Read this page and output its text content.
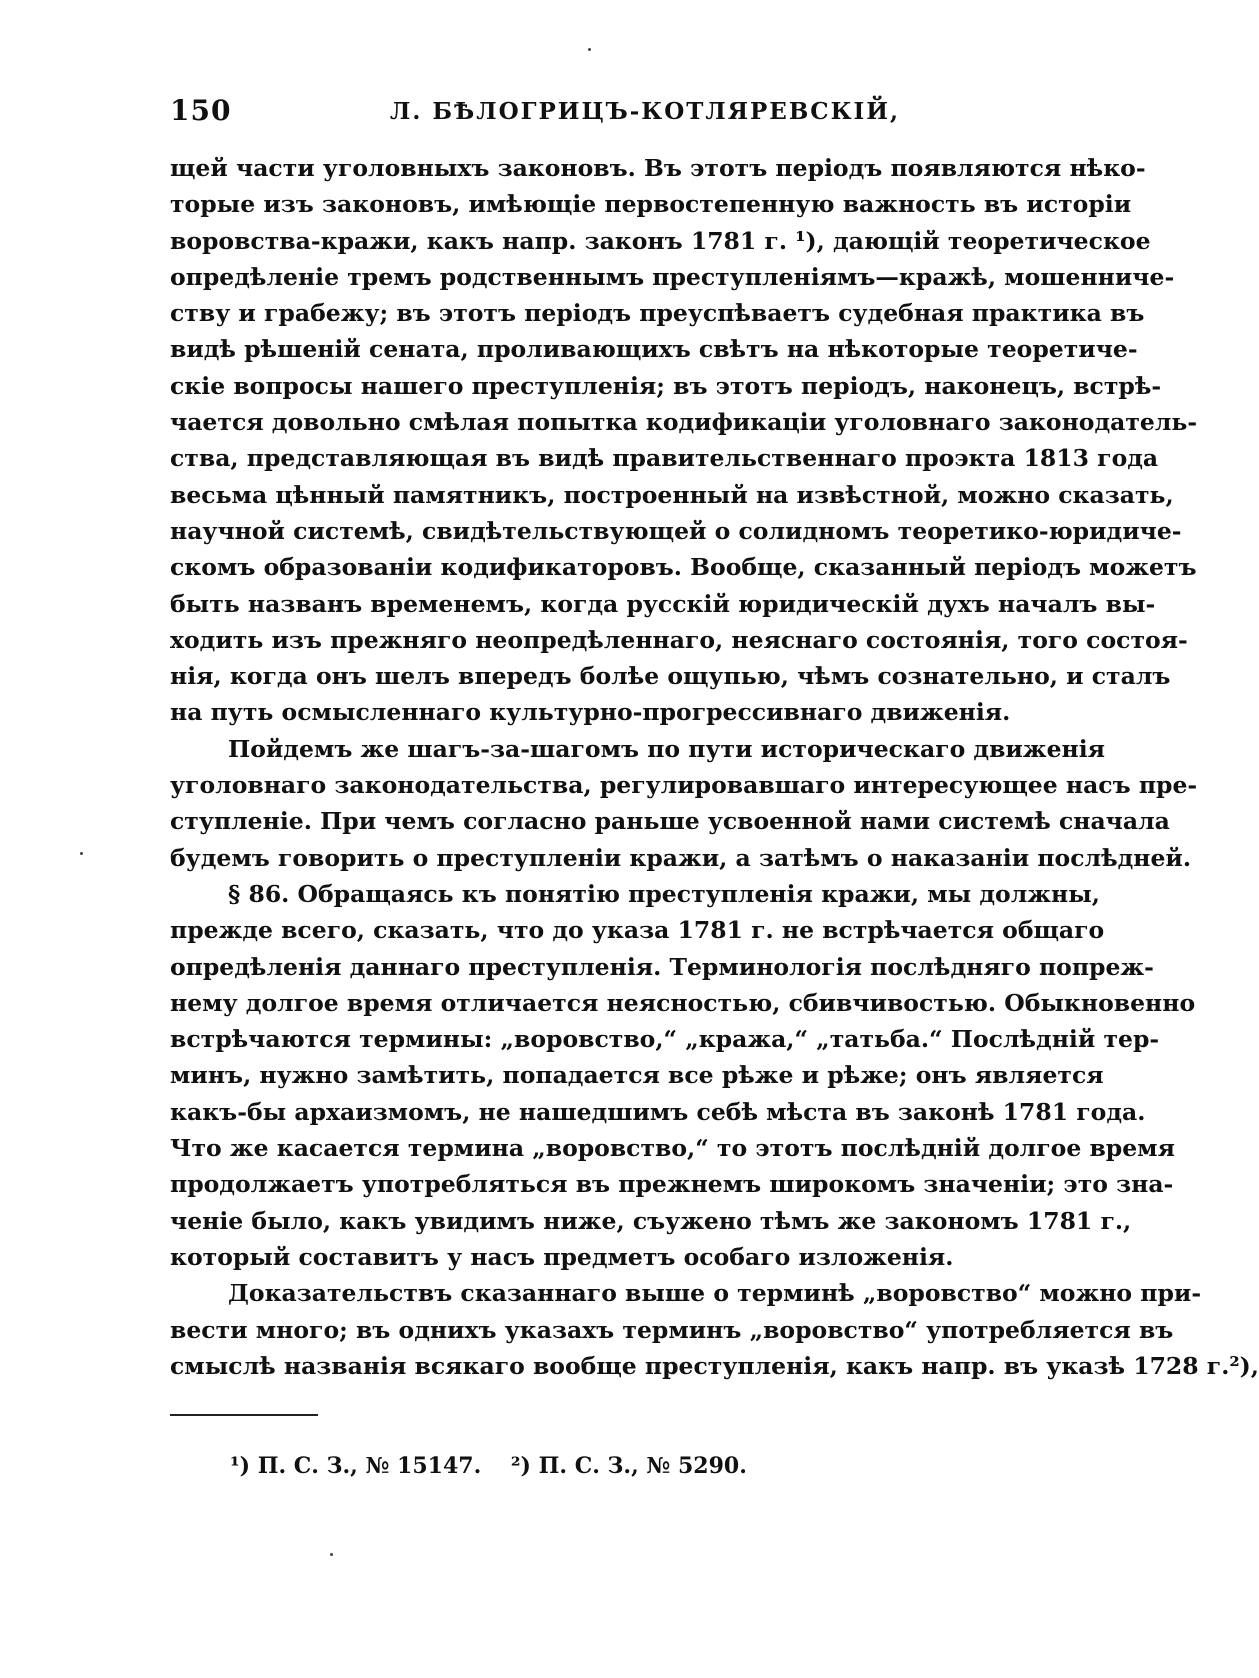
150	Л. БѢЛОГРИЦЪ-КОТЛЯРЕВСКIЙ,
щей части уголовныхъ законовъ. Въ этотъ періодъ появляются нѣко-
торые изъ законовъ, имѣющіе первостепенную важность въ исторіи
воровства-кражи, какъ напр. законъ 1781 г. ¹), дающій теоретическое
опредѣленіе тремъ родственнымъ преступленіямъ—кражѣ, мошенниче-
ству и грабежу; въ этотъ періодъ преуспѣваетъ судебная практика въ
видѣ рѣшеній сената, проливающихъ свѣтъ на нѣкоторые теоретиче-
скіе вопросы нашего преступленія; въ этотъ періодъ, наконецъ, встрѣ-
чается довольно смѣлая попытка кодификаціи уголовнаго законодатель-
ства, представляющая въ видѣ правительственнаго проэкта 1813 года
весьма цѣнный памятникъ, построенный на извѣстной, можно сказать,
научной системѣ, свидѣтельствующей о солидномъ теоретико-юридиче-
скомъ образованіи кодификаторовъ. Вообще, сказанный періодъ можетъ
быть названъ временемъ, когда русскій юридическій духъ началъ вы-
ходить изъ прежняго неопредѣленнаго, неяснаго состоянія, того состоя-
нія, когда онъ шелъ впередъ болѣе ощупью, чѣмъ сознательно, и сталъ
на путь осмысленнаго культурно-прогрессивнаго движенія.
Пойдемъ же шагъ-за-шагомъ по пути историческаго движенія
уголовнаго законодательства, регулировавшаго интересующее насъ пре-
ступленіе. При чемъ согласно раньше усвоенной нами системѣ сначала
будемъ говорить о преступленіи кражи, а затѣмъ о наказаніи послѣдней.
§ 86. Обращаясь къ понятію преступленія кражи, мы должны,
прежде всего, сказать, что до указа 1781 г. не встрѣчается общаго
опредѣленія даннаго преступленія. Терминологія послѣдняго попреж-
нему долгое время отличается неясностью, сбивчивостью. Обыкновенно
встрѣчаются термины: „воровство,“ „кража,“ „татьба.“ Послѣдній тер-
минъ, нужно замѣтить, попадается все рѣже и рѣже; онъ является
какъ-бы архаизмомъ, не нашедшимъ себѣ мѣста въ законѣ 1781 года.
Что же касается термина „воровство,“ то этотъ послѣдній долгое время
продолжаетъ употребляться въ прежнемъ широкомъ значеніи; это зна-
ченіе было, какъ увидимъ ниже, съужено тѣмъ же закономъ 1781 г.,
который составитъ у насъ предметъ особаго изложенія.
Доказательствъ сказаннаго выше о терминѣ „воровство“ можно при-
вести много; въ однихъ указахъ терминъ „воровство“ употребляется въ
смыслѣ названія всякаго вообще преступленія, какъ напр. въ указѣ 1728 г.²),
¹) П. С. З., № 15147. ²) П. С. З., № 5290.
